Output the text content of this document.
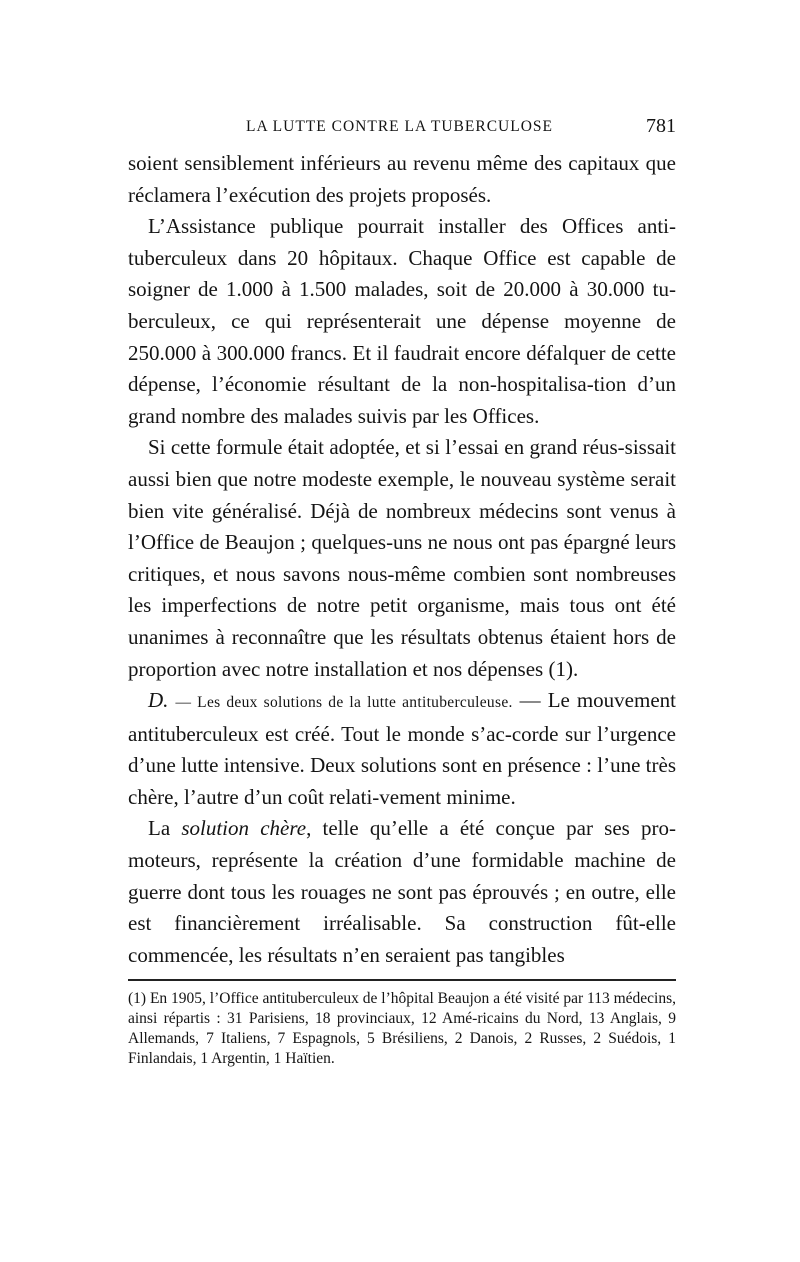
LA LUTTE CONTRE LA TUBERCULOSE	781

soient sensiblement inférieurs au revenu même des capitaux que réclamera l’exécution des projets proposés.

L’Assistance publique pourrait installer des Offices anti-tuberculeux dans 20 hôpitaux. Chaque Office est capable de soigner de 1.000 à 1.500 malades, soit de 20.000 à 30.000 tu-berculeux, ce qui représenterait une dépense moyenne de 250.000 à 300.000 francs. Et il faudrait encore défalquer de cette dépense, l’économie résultant de la non-hospitalisa-tion d’un grand nombre des malades suivis par les Offices.

Si cette formule était adoptée, et si l’essai en grand réus-sissait aussi bien que notre modeste exemple, le nouveau système serait bien vite généralisé. Déjà de nombreux médecins sont venus à l’Office de Beaujon ; quelques-uns ne nous ont pas épargné leurs critiques, et nous savons nous-même combien sont nombreuses les imperfections de notre petit organisme, mais tous ont été unanimes à reconnaître que les résultats obtenus étaient hors de proportion avec notre installation et nos dépenses (1).

D. — Les deux solutions de la lutte antituberculeuse. — Le mouvement antituberculeux est créé. Tout le monde s’ac-corde sur l’urgence d’une lutte intensive. Deux solutions sont en présence : l’une très chère, l’autre d’un coût relati-vement minime.

La solution chère, telle qu’elle a été conçue par ses pro-moteurs, représente la création d’une formidable machine de guerre dont tous les rouages ne sont pas éprouvés ; en outre, elle est financièrement irréalisable. Sa construction fût-elle commencée, les résultats n’en seraient pas tangibles

(1) En 1905, l’Office antituberculeux de l’hôpital Beaujon a été visité par 113 médecins, ainsi répartis : 31 Parisiens, 18 provinciaux, 12 Amé-ricains du Nord, 13 Anglais, 9 Allemands, 7 Italiens, 7 Espagnols, 5 Brésiliens, 2 Danois, 2 Russes, 2 Suédois, 1 Finlandais, 1 Argentin, 1 Haïtien.
